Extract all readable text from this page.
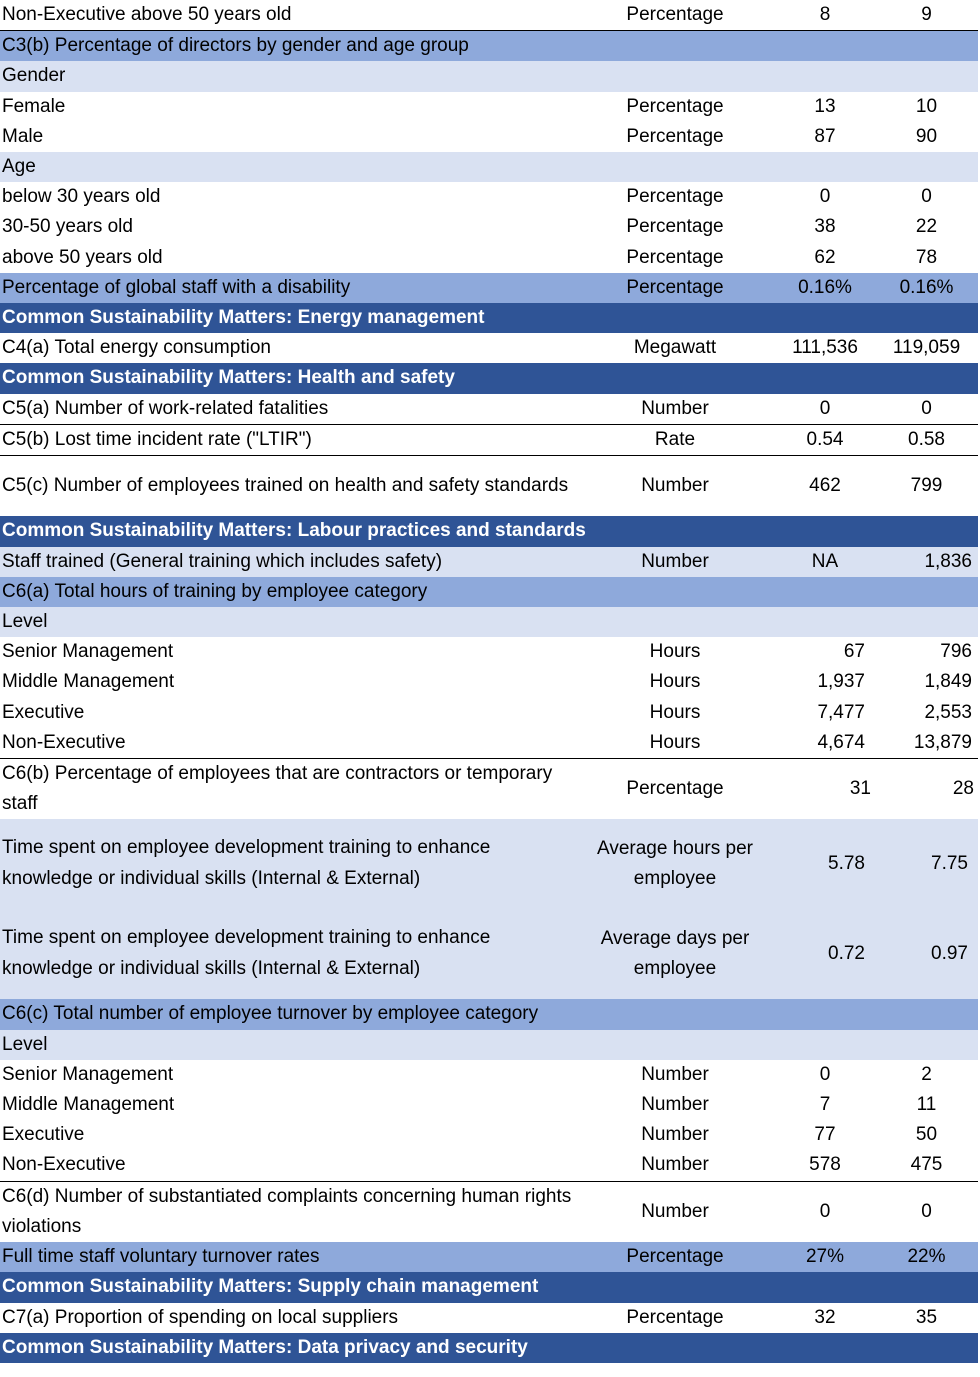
Non-Executive above 50 years old	Percentage	8	9
C3(b) Percentage of directors by gender and age group			
Gender			
Female	Percentage	13	10
Male	Percentage	87	90
Age			
below 30 years old	Percentage	0	0
30-50 years old	Percentage	38	22
above 50 years old	Percentage	62	78
Percentage of global staff with a disability	Percentage	0.16%	0.16%
Common Sustainability Matters: Energy management			
C4(a) Total energy consumption	Megawatt	111,536	119,059
Common Sustainability Matters: Health and safety			
C5(a) Number of work-related fatalities	Number	0	0
C5(b) Lost time incident rate ("LTIR")	Rate	0.54	0.58
C5(c) Number of employees trained on health and safety standards	Number	462	799
Common Sustainability Matters: Labour practices and standards			
Staff trained (General training which includes safety)	Number	NA	1,836
C6(a) Total hours of training by employee category			
Level			
Senior Management	Hours	67	796
Middle Management	Hours	1,937	1,849
Executive	Hours	7,477	2,553
Non-Executive	Hours	4,674	13,879
C6(b) Percentage of employees that are contractors or temporary staff	Percentage	31	28
Time spent on employee development training to enhance knowledge or individual skills (Internal & External)	Average hours per employee	5.78	7.75
Time spent on employee development training to enhance knowledge or individual skills (Internal & External)	Average days per employee	0.72	0.97
C6(c) Total number of employee turnover by employee category			
Level			
Senior Management	Number	0	2
Middle Management	Number	7	11
Executive	Number	77	50
Non-Executive	Number	578	475
C6(d) Number of substantiated complaints concerning human rights violations	Number	0	0
Full time staff voluntary turnover rates	Percentage	27%	22%
Common Sustainability Matters: Supply chain management			
C7(a) Proportion of spending on local suppliers	Percentage	32	35
Common Sustainability Matters: Data privacy and security			
